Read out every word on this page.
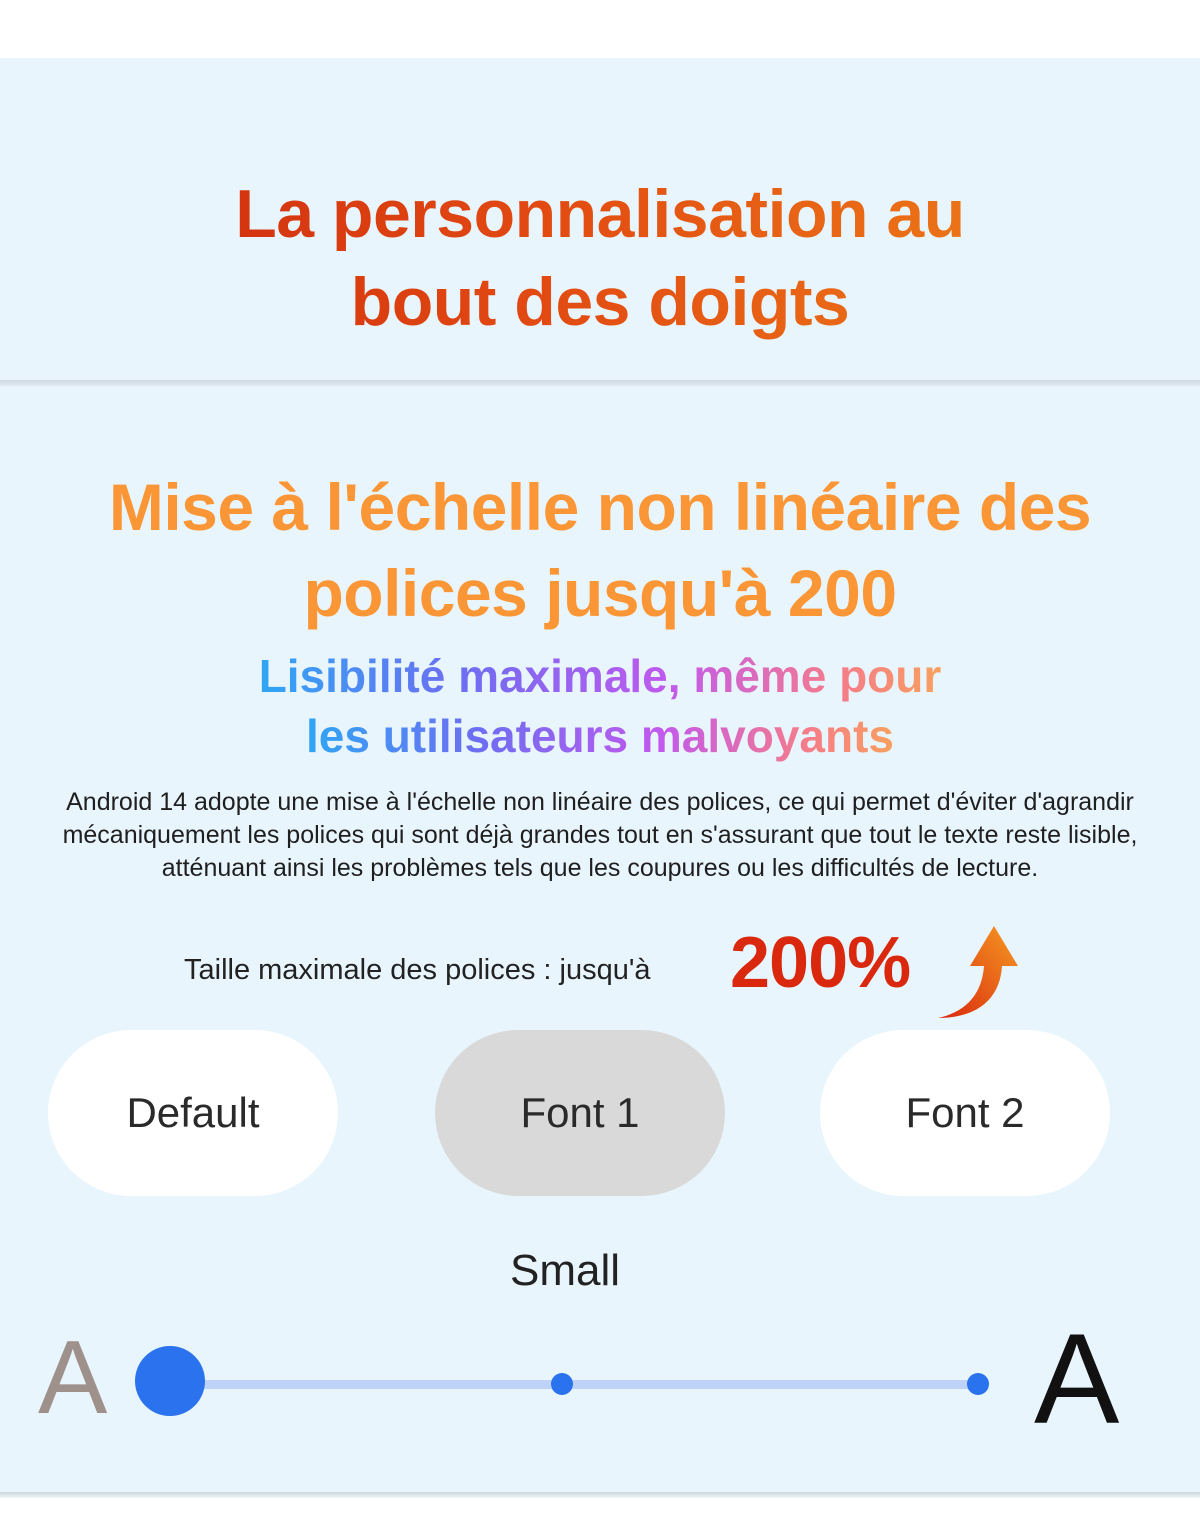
La personnalisation au
bout des doigts
Mise à l'échelle non linéaire des
polices jusqu'à 200
Lisibilité maximale, même pour
les utilisateurs malvoyants
Android 14 adopte une mise à l'échelle non linéaire des polices, ce qui permet d'éviter d'agrandir mécaniquement les polices qui sont déjà grandes tout en s'assurant que tout le texte reste lisible, atténuant ainsi les problèmes tels que les coupures ou les difficultés de lecture.
Taille maximale des polices : jusqu'à 200%
Default	Font 1	Font 2
Small
A	A
